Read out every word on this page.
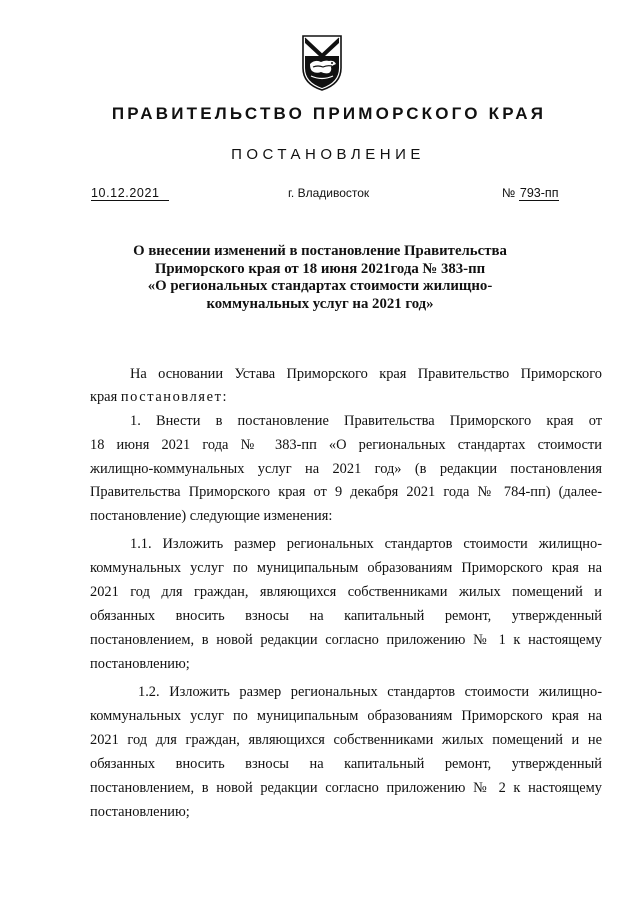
ПРАВИТЕЛЬСТВО ПРИМОРСКОГО КРАЯ
ПОСТАНОВЛЕНИЕ
10.12.2021	г. Владивосток	№ 793-пп
О внесении изменений в постановление Правительства
Приморского края от 18 июня 2021года № 383-пп
«О региональных стандартах стоимости жилищно-
коммунальных услуг на 2021 год»
На основании Устава Приморского края Правительство Приморского
края постановляет:
1. Внести в постановление Правительства Приморского края от
18 июня 2021 года № 383-пп «О региональных стандартах стоимости
жилищно-коммунальных услуг на 2021 год» (в редакции постановления
Правительства Приморского края от 9 декабря 2021 года № 784-пп) (далее-
постановление) следующие изменения:
1.1. Изложить размер региональных стандартов стоимости жилищно-
коммунальных услуг по муниципальным образованиям Приморского края на
2021 год для граждан, являющихся собственниками жилых помещений и
обязанных вносить взносы на капитальный ремонт, утвержденный
постановлением, в новой редакции согласно приложению № 1 к настоящему
постановлению;
1.2. Изложить размер региональных стандартов стоимости жилищно-
коммунальных услуг по муниципальным образованиям Приморского края на
2021 год для граждан, являющихся собственниками жилых помещений и не
обязанных вносить взносы на капитальный ремонт, утвержденный
постановлением, в новой редакции согласно приложению № 2 к настоящему
постановлению;
